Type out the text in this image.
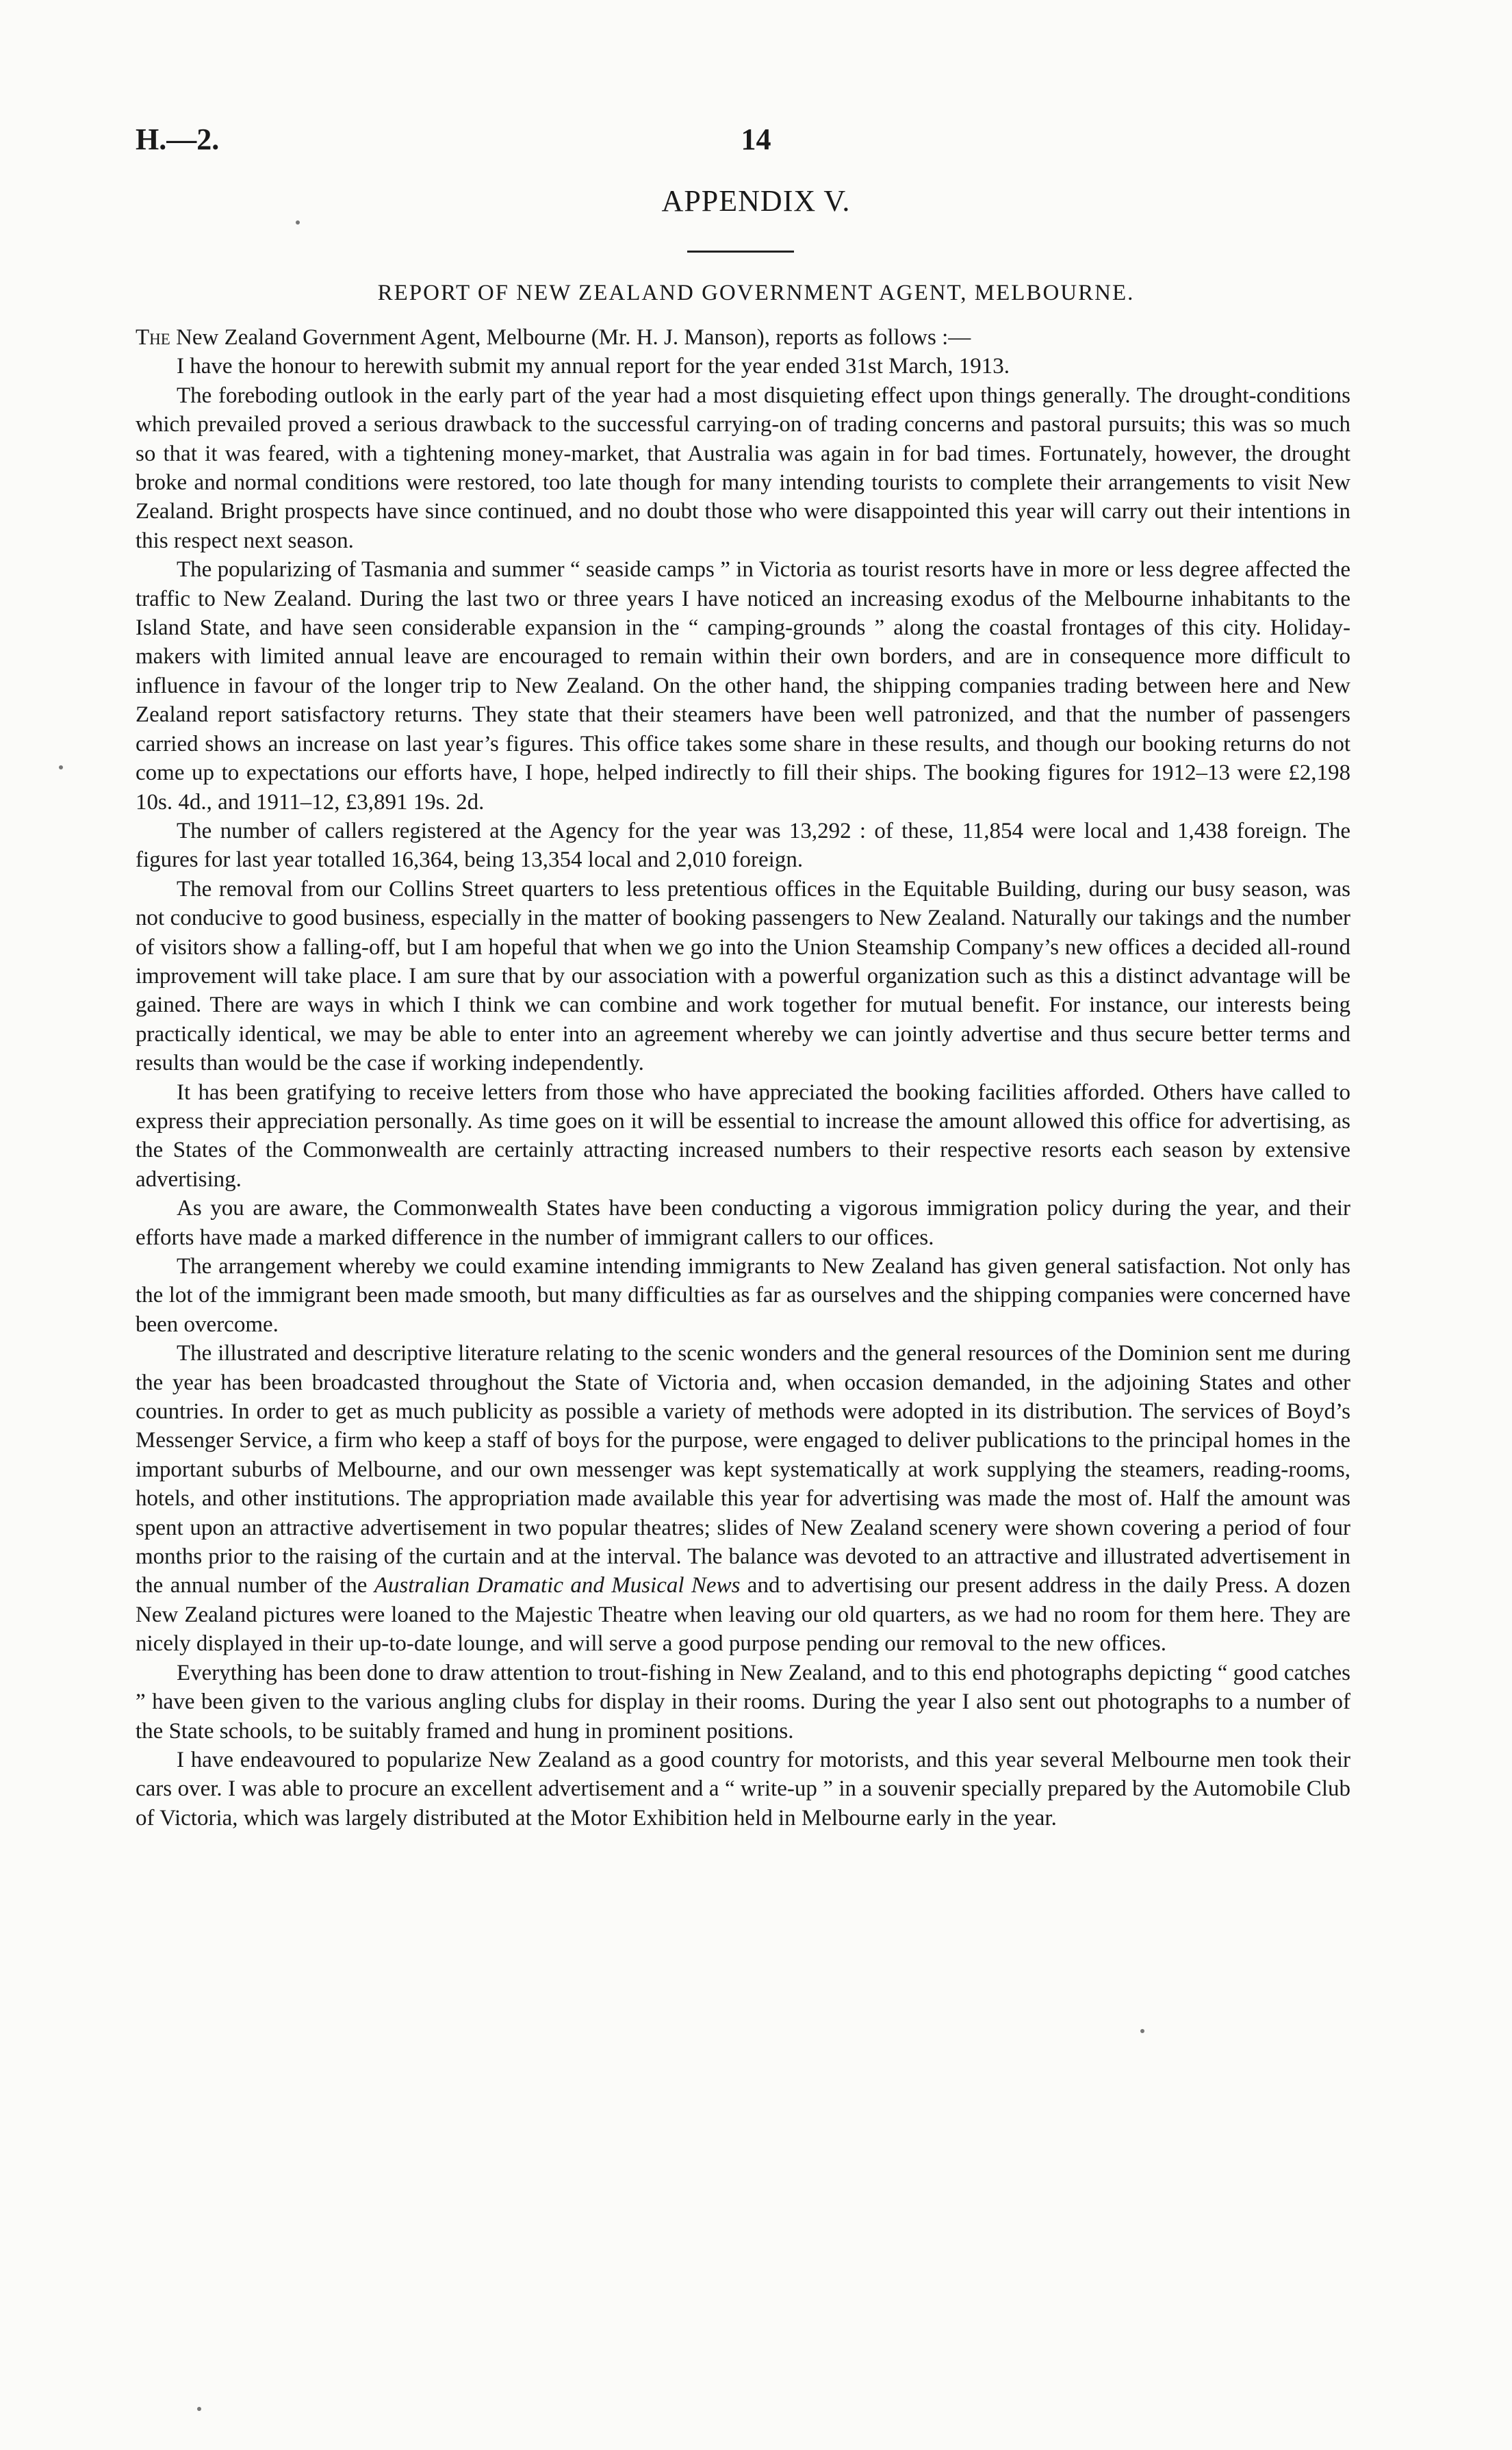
H.—2.	14
APPENDIX V.
REPORT OF NEW ZEALAND GOVERNMENT AGENT, MELBOURNE.

The New Zealand Government Agent, Melbourne (Mr. H. J. Manson), reports as follows :—

I have the honour to herewith submit my annual report for the year ended 31st March, 1913.

The foreboding outlook in the early part of the year had a most disquieting effect upon things generally. The drought-conditions which prevailed proved a serious drawback to the successful carrying-on of trading concerns and pastoral pursuits; this was so much so that it was feared, with a tightening money-market, that Australia was again in for bad times. Fortunately, however, the drought broke and normal conditions were restored, too late though for many intending tourists to complete their arrangements to visit New Zealand. Bright prospects have since continued, and no doubt those who were disappointed this year will carry out their intentions in this respect next season.

The popularizing of Tasmania and summer “ seaside camps ” in Victoria as tourist resorts have in more or less degree affected the traffic to New Zealand. During the last two or three years I have noticed an increasing exodus of the Melbourne inhabitants to the Island State, and have seen considerable expansion in the “ camping-grounds ” along the coastal frontages of this city. Holiday-makers with limited annual leave are encouraged to remain within their own borders, and are in consequence more difficult to influence in favour of the longer trip to New Zealand. On the other hand, the shipping companies trading between here and New Zealand report satisfactory returns. They state that their steamers have been well patronized, and that the number of passengers carried shows an increase on last year’s figures. This office takes some share in these results, and though our booking returns do not come up to expectations our efforts have, I hope, helped indirectly to fill their ships. The booking figures for 1912–13 were £2,198 10s. 4d., and 1911–12, £3,891 19s. 2d.

The number of callers registered at the Agency for the year was 13,292 : of these, 11,854 were local and 1,438 foreign. The figures for last year totalled 16,364, being 13,354 local and 2,010 foreign.

The removal from our Collins Street quarters to less pretentious offices in the Equitable Building, during our busy season, was not conducive to good business, especially in the matter of booking passengers to New Zealand. Naturally our takings and the number of visitors show a falling-off, but I am hopeful that when we go into the Union Steamship Company’s new offices a decided all-round improvement will take place. I am sure that by our association with a powerful organization such as this a distinct advantage will be gained. There are ways in which I think we can combine and work together for mutual benefit. For instance, our interests being practically identical, we may be able to enter into an agreement whereby we can jointly advertise and thus secure better terms and results than would be the case if working independently.

It has been gratifying to receive letters from those who have appreciated the booking facilities afforded. Others have called to express their appreciation personally. As time goes on it will be essential to increase the amount allowed this office for advertising, as the States of the Commonwealth are certainly attracting increased numbers to their respective resorts each season by extensive advertising.

As you are aware, the Commonwealth States have been conducting a vigorous immigration policy during the year, and their efforts have made a marked difference in the number of immigrant callers to our offices.

The arrangement whereby we could examine intending immigrants to New Zealand has given general satisfaction. Not only has the lot of the immigrant been made smooth, but many difficulties as far as ourselves and the shipping companies were concerned have been overcome.

The illustrated and descriptive literature relating to the scenic wonders and the general resources of the Dominion sent me during the year has been broadcasted throughout the State of Victoria and, when occasion demanded, in the adjoining States and other countries. In order to get as much publicity as possible a variety of methods were adopted in its distribution. The services of Boyd’s Messenger Service, a firm who keep a staff of boys for the purpose, were engaged to deliver publications to the principal homes in the important suburbs of Melbourne, and our own messenger was kept systematically at work supplying the steamers, reading-rooms, hotels, and other institutions. The appropriation made available this year for advertising was made the most of. Half the amount was spent upon an attractive advertisement in two popular theatres; slides of New Zealand scenery were shown covering a period of four months prior to the raising of the curtain and at the interval. The balance was devoted to an attractive and illustrated advertisement in the annual number of the Australian Dramatic and Musical News and to advertising our present address in the daily Press. A dozen New Zealand pictures were loaned to the Majestic Theatre when leaving our old quarters, as we had no room for them here. They are nicely displayed in their up-to-date lounge, and will serve a good purpose pending our removal to the new offices.

Everything has been done to draw attention to trout-fishing in New Zealand, and to this end photographs depicting “ good catches ” have been given to the various angling clubs for display in their rooms. During the year I also sent out photographs to a number of the State schools, to be suitably framed and hung in prominent positions.

I have endeavoured to popularize New Zealand as a good country for motorists, and this year several Melbourne men took their cars over. I was able to procure an excellent advertisement and a “ write-up ” in a souvenir specially prepared by the Automobile Club of Victoria, which was largely distributed at the Motor Exhibition held in Melbourne early in the year.
